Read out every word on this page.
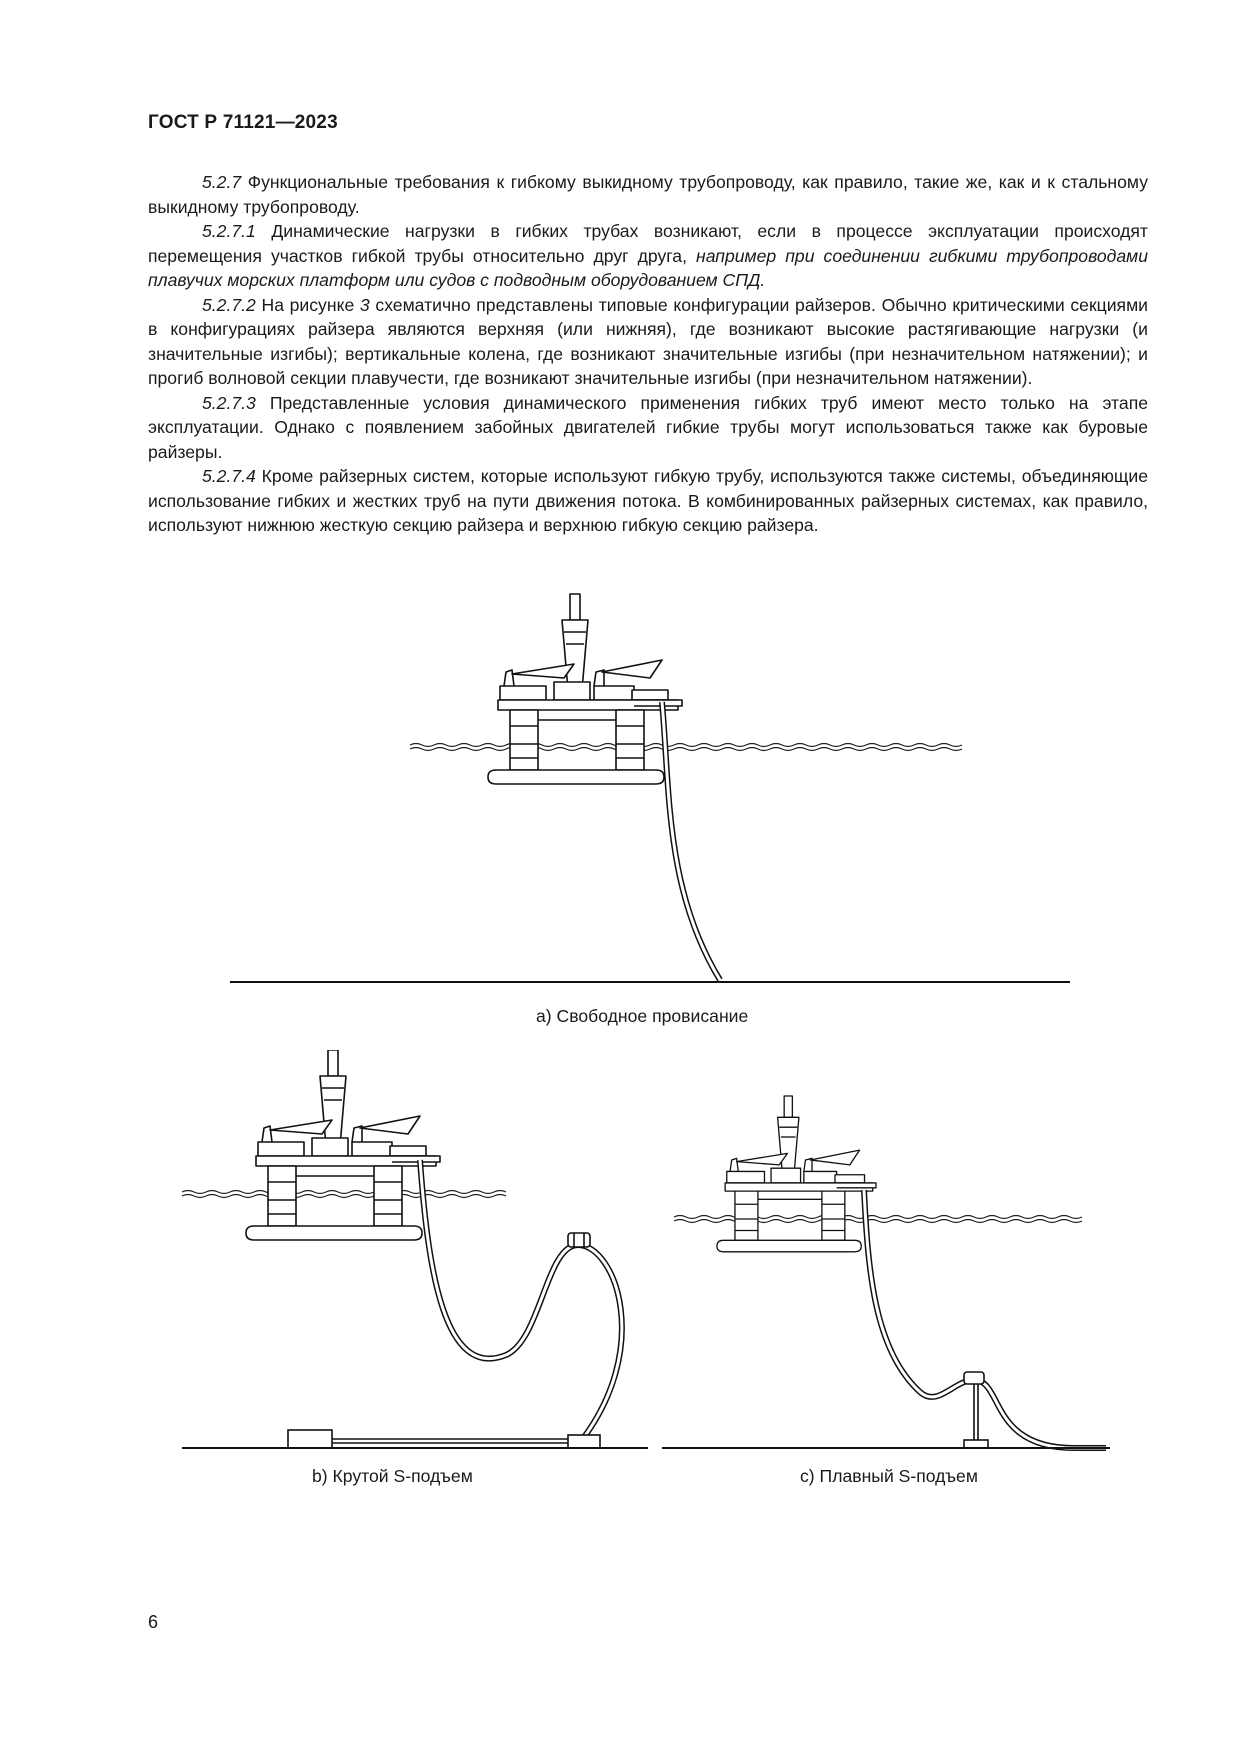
ГОСТ Р 71121—2023

5.2.7 Функциональные требования к гибкому выкидному трубопроводу, как правило, такие же, как и к стальному выкидному трубопроводу.

5.2.7.1 Динамические нагрузки в гибких трубах возникают, если в процессе эксплуатации происходят перемещения участков гибкой трубы относительно друг друга, например при соединении гибкими трубопроводами плавучих морских платформ или судов с подводным оборудованием СПД.

5.2.7.2 На рисунке 3 схематично представлены типовые конфигурации райзеров. Обычно критическими секциями в конфигурациях райзера являются верхняя (или нижняя), где возникают высокие растягивающие нагрузки (и значительные изгибы); вертикальные колена, где возникают значительные изгибы (при незначительном натяжении); и прогиб волновой секции плавучести, где возникают значительные изгибы (при незначительном натяжении).

5.2.7.3 Представленные условия динамического применения гибких труб имеют место только на этапе эксплуатации. Однако с появлением забойных двигателей гибкие трубы могут использоваться также как буровые райзеры.

5.2.7.4 Кроме райзерных систем, которые используют гибкую трубу, используются также системы, объединяющие использование гибких и жестких труб на пути движения потока. В комбинированных райзерных системах, как правило, используют нижнюю жесткую секцию райзера и верхнюю гибкую секцию райзера.

a) Свободное провисание
b) Крутой S-подъем	c) Плавный S-подъем
6
